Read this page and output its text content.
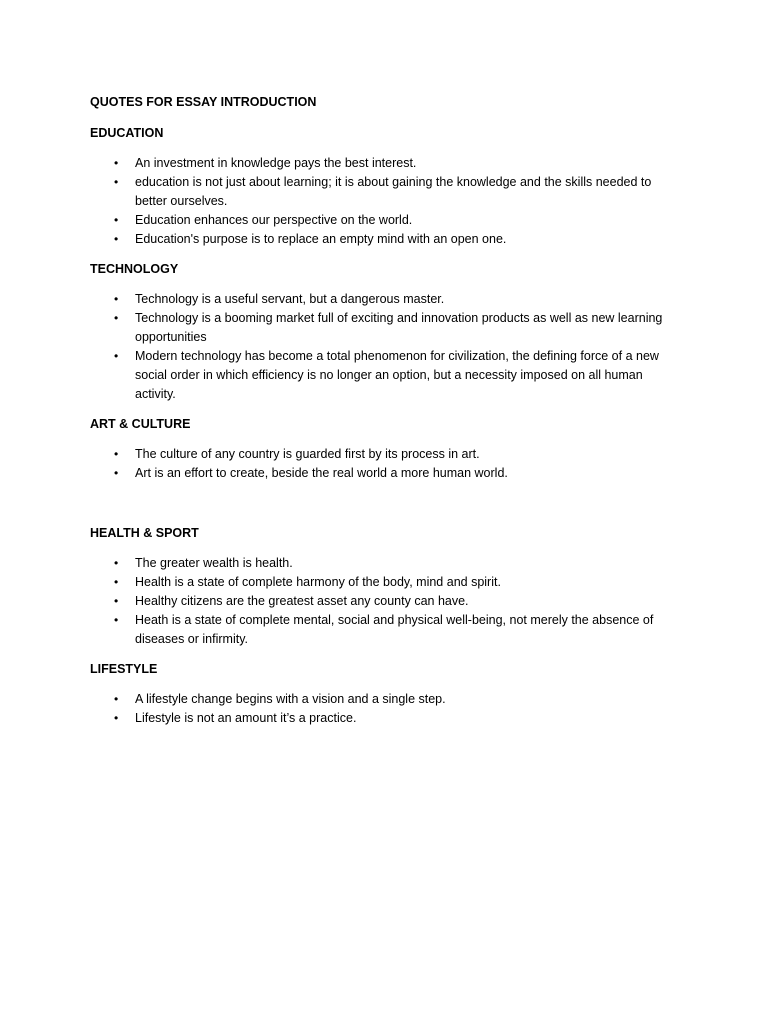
QUOTES FOR ESSAY INTRODUCTION
EDUCATION
• An investment in knowledge pays the best interest.
• education is not just about learning; it is about gaining the knowledge and the skills needed to better ourselves.
• Education enhances our perspective on the world.
• Education's purpose is to replace an empty mind with an open one.
TECHNOLOGY
• Technology is a useful servant, but a dangerous master.
• Technology is a booming market full of exciting and innovation products as well as new learning opportunities
• Modern technology has become a total phenomenon for civilization, the defining force of a new social order in which efficiency is no longer an option, but a necessity imposed on all human activity.
ART & CULTURE
• The culture of any country is guarded first by its process in art.
• Art is an effort to create, beside the real world a more human world.
HEALTH & SPORT
• The greater wealth is health.
• Health is a state of complete harmony of the body, mind and spirit.
• Healthy citizens are the greatest asset any county can have.
• Heath is a state of complete mental, social and physical well-being, not merely the absence of diseases or infirmity.
LIFESTYLE
• A lifestyle change begins with a vision and a single step.
• Lifestyle is not an amount it’s a practice.
